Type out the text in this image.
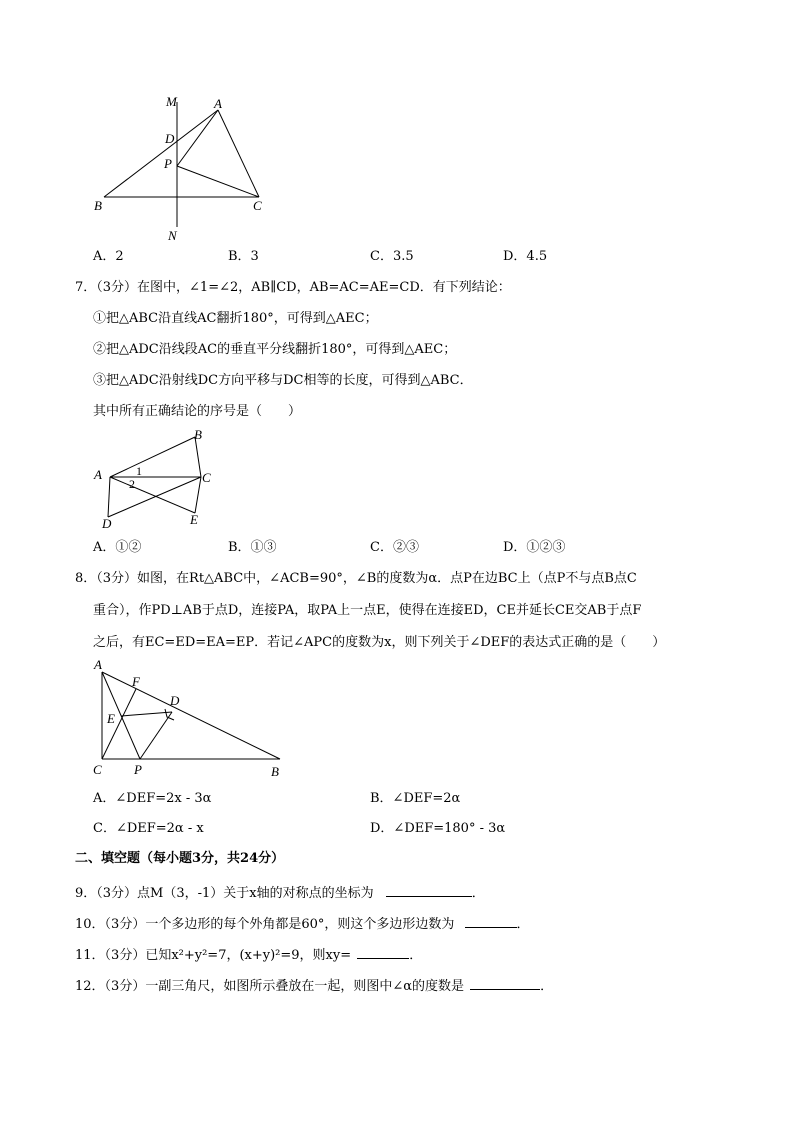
M	A
D
P
B	C
N
A．2	B．3	C．3.5	D．4.5
7．（3分）在图中，∠1=∠2，AB∥CD，AB=AC=AE=CD．有下列结论：
①把△ABC沿直线AC翻折180°，可得到△AEC；
②把△ADC沿线段AC的垂直平分线翻折180°，可得到△AEC；
③把△ADC沿射线DC方向平移与DC相等的长度，可得到△ABC．
其中所有正确结论的序号是（　　）
A
B
C
D	E
1
2
A．①②	B．①③	C．②③	D．①②③
8．（3分）如图，在Rt△ABC中，∠ACB=90°，∠B的度数为α．点P在边BC上（点P不与点B点C
重合），作PD⊥AB于点D，连接PA，取PA上一点E，使得在连接ED，CE并延长CE交AB于点F
之后，有EC=ED=EA=EP．若记∠APC的度数为x，则下列关于∠DEF的表达式正确的是（　　）
A
F
D
E
C P	B
A．∠DEF=2x - 3α	B．∠DEF=2α
C．∠DEF=2α - x	D．∠DEF=180° - 3α
二、填空题（每小题3分，共24分）
9．（3分）点M（3，-1）关于x轴的对称点的坐标为	．
10．（3分）一个多边形的每个外角都是60°，则这个多边形边数为	．
11．（3分）已知x²+y²=7，(x+y)²=9，则xy=	．
12．（3分）一副三角尺，如图所示叠放在一起，则图中∠α的度数是	．
